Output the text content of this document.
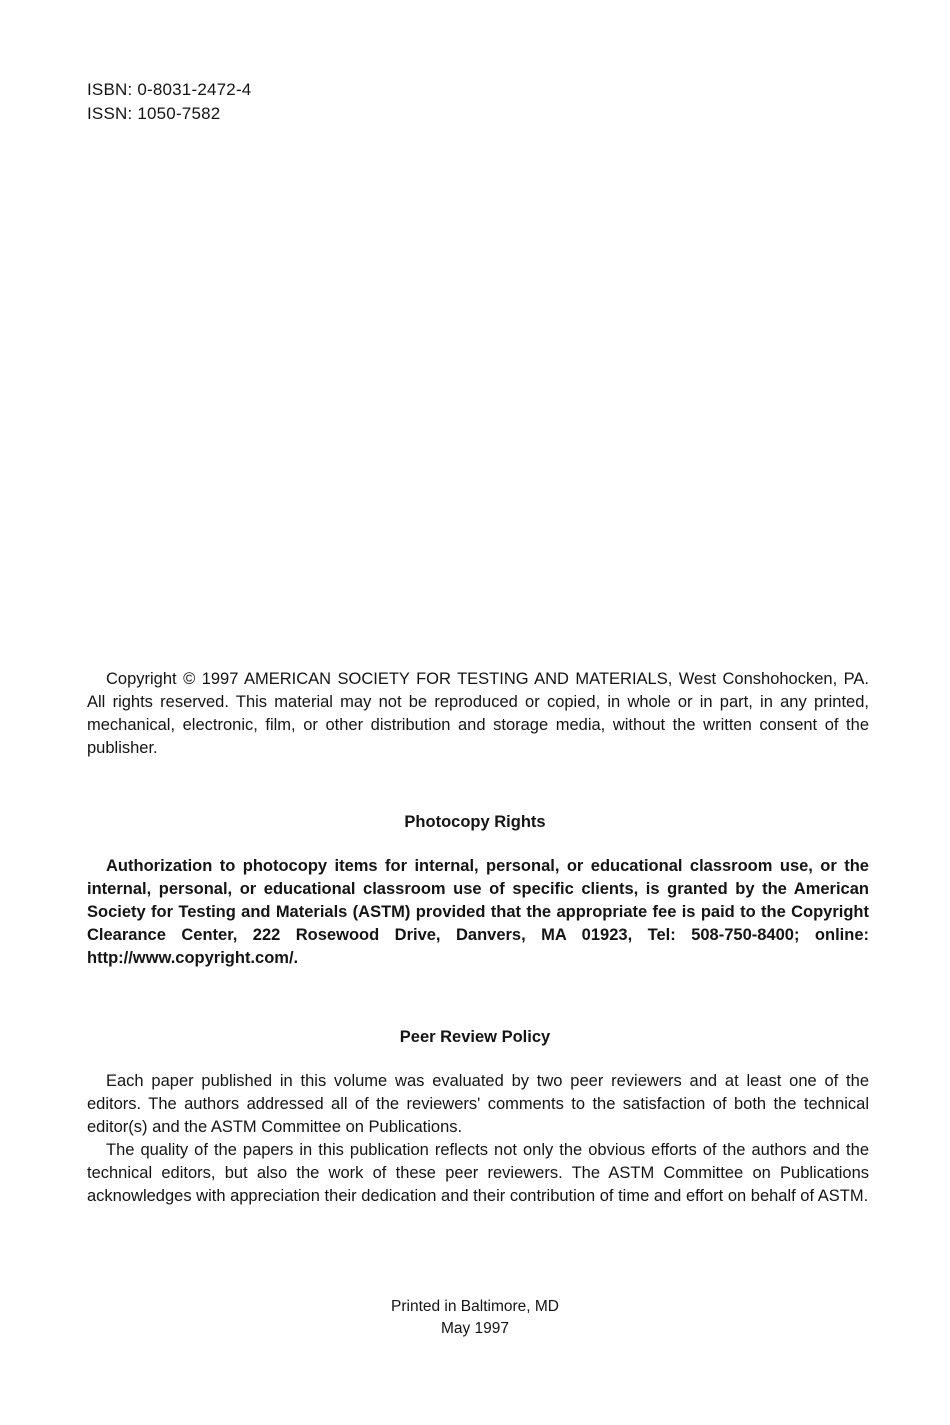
ISBN: 0-8031-2472-4
ISSN: 1050-7582

Copyright © 1997 AMERICAN SOCIETY FOR TESTING AND MATERIALS, West Conshohocken, PA. All rights reserved. This material may not be reproduced or copied, in whole or in part, in any printed, mechanical, electronic, film, or other distribution and storage media, without the written consent of the publisher.

Photocopy Rights

Authorization to photocopy items for internal, personal, or educational classroom use, or the internal, personal, or educational classroom use of specific clients, is granted by the American Society for Testing and Materials (ASTM) provided that the appropriate fee is paid to the Copyright Clearance Center, 222 Rosewood Drive, Danvers, MA 01923, Tel: 508-750-8400; online: http://www.copyright.com/.

Peer Review Policy

Each paper published in this volume was evaluated by two peer reviewers and at least one of the editors. The authors addressed all of the reviewers' comments to the satisfaction of both the technical editor(s) and the ASTM Committee on Publications.

The quality of the papers in this publication reflects not only the obvious efforts of the authors and the technical editors, but also the work of these peer reviewers. The ASTM Committee on Publications acknowledges with appreciation their dedication and their contribution of time and effort on behalf of ASTM.

Printed in Baltimore, MD
May 1997
